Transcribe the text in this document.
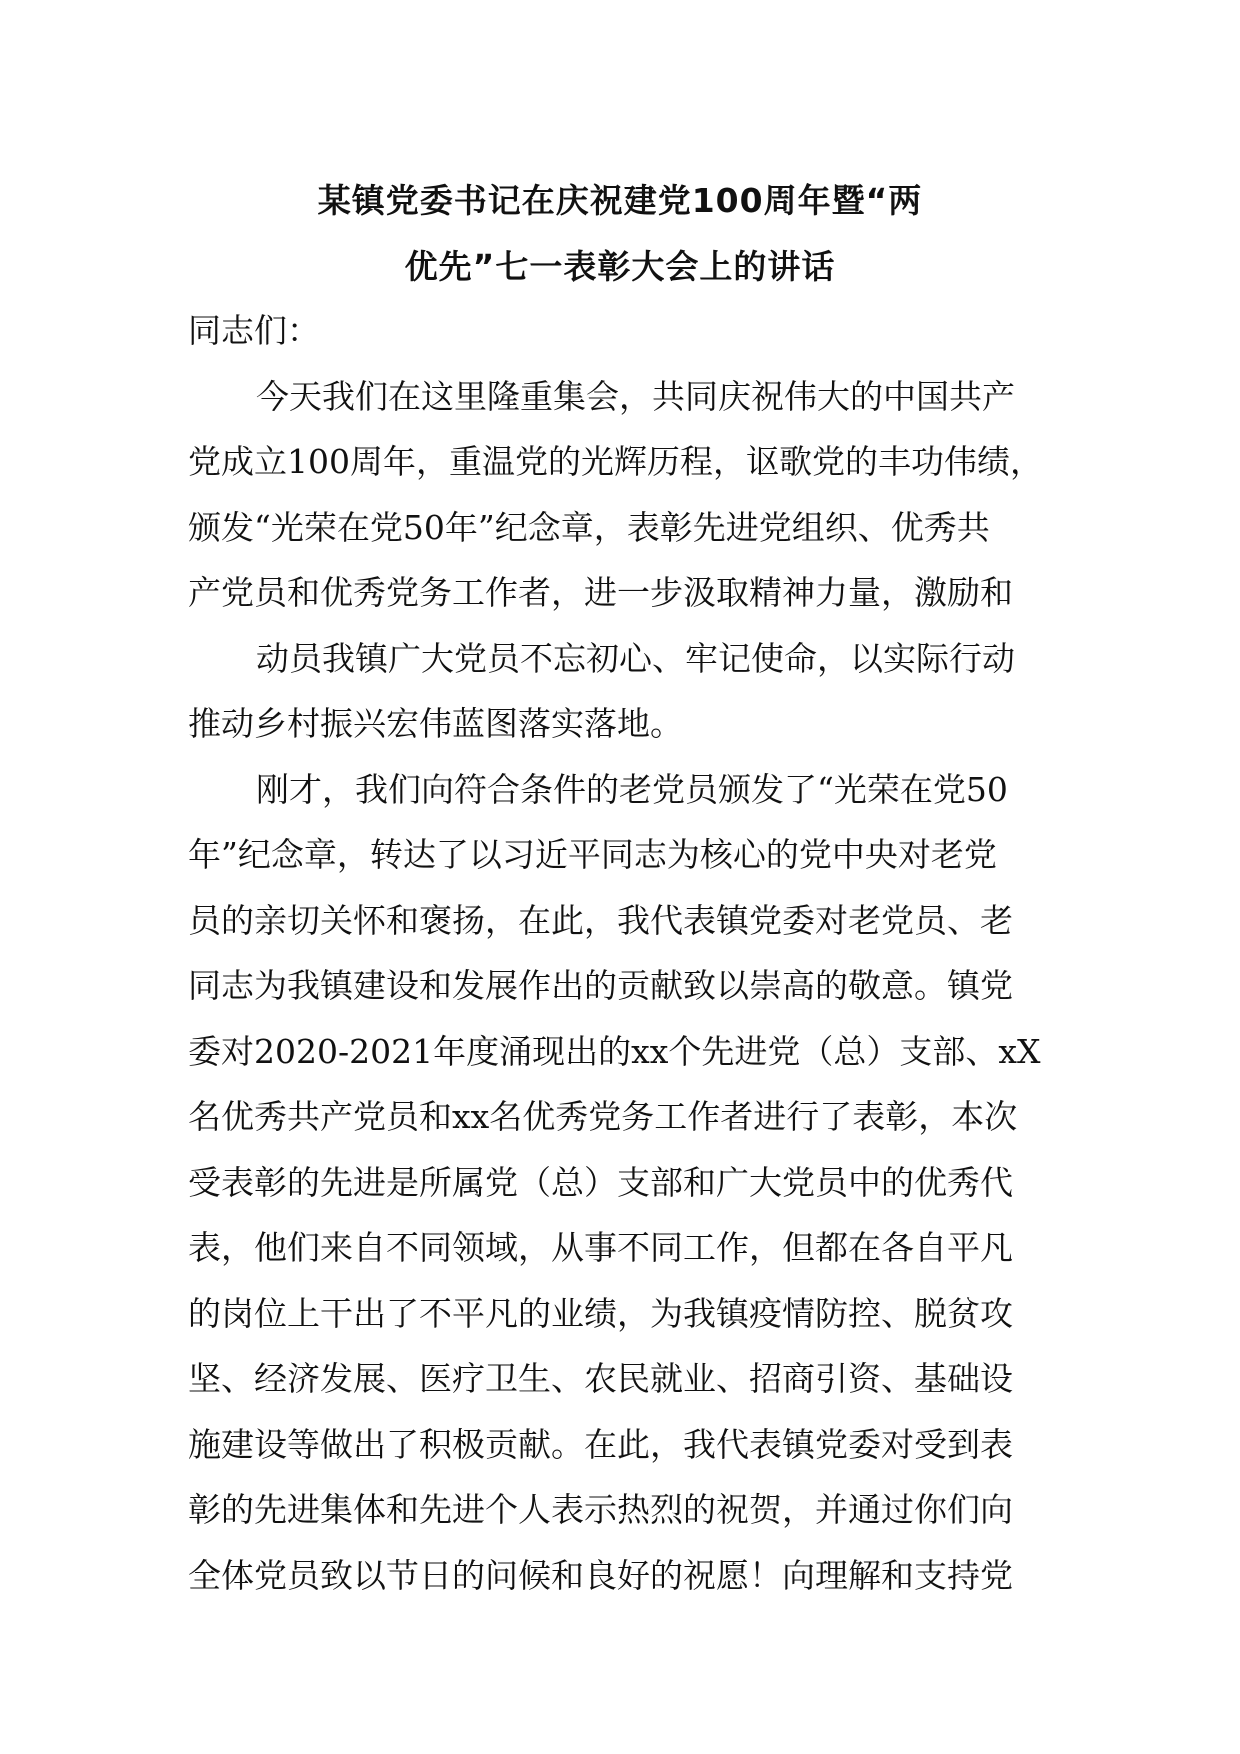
某镇党委书记在庆祝建党100周年暨“两
优先”七一表彰大会上的讲话
同志们：
今天我们在这里隆重集会，共同庆祝伟大的中国共产
党成立100周年，重温党的光辉历程，讴歌党的丰功伟绩，
颁发“光荣在党50年”纪念章，表彰先进党组织、优秀共
产党员和优秀党务工作者，进一步汲取精神力量，激励和
动员我镇广大党员不忘初心、牢记使命，以实际行动
推动乡村振兴宏伟蓝图落实落地。
刚才，我们向符合条件的老党员颁发了“光荣在党50
年”纪念章，转达了以习近平同志为核心的党中央对老党
员的亲切关怀和褒扬，在此，我代表镇党委对老党员、老
同志为我镇建设和发展作出的贡献致以崇高的敬意。镇党
委对2020-2021年度涌现出的xx个先进党（总）支部、xX
名优秀共产党员和xx名优秀党务工作者进行了表彰，本次
受表彰的先进是所属党（总）支部和广大党员中的优秀代
表，他们来自不同领域，从事不同工作，但都在各自平凡
的岗位上干出了不平凡的业绩，为我镇疫情防控、脱贫攻
坚、经济发展、医疗卫生、农民就业、招商引资、基础设
施建设等做出了积极贡献。在此，我代表镇党委对受到表
彰的先进集体和先进个人表示热烈的祝贺，并通过你们向
全体党员致以节日的问候和良好的祝愿！向理解和支持党
